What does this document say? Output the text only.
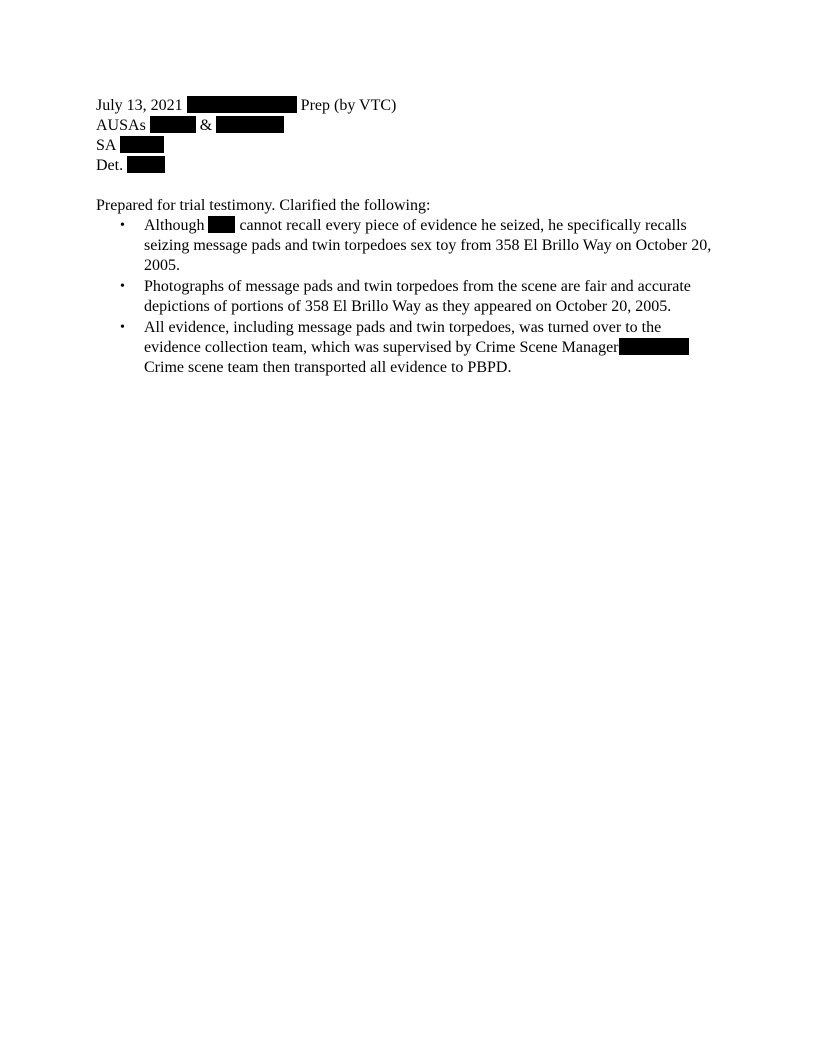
July 13, 2021	Prep (by VTC)
AUSAs	&
SA
Det.
Prepared for trial testimony. Clarified the following:
• Although cannot recall every piece of evidence he seized, he specifically recalls seizing message pads and twin torpedoes sex toy from 358 El Brillo Way on October 20, 2005.
• Photographs of message pads and twin torpedoes from the scene are fair and accurate depictions of portions of 358 El Brillo Way as they appeared on October 20, 2005.
• All evidence, including message pads and twin torpedoes, was turned over to the evidence collection team, which was supervised by Crime Scene Manager Crime scene team then transported all evidence to PBPD.
